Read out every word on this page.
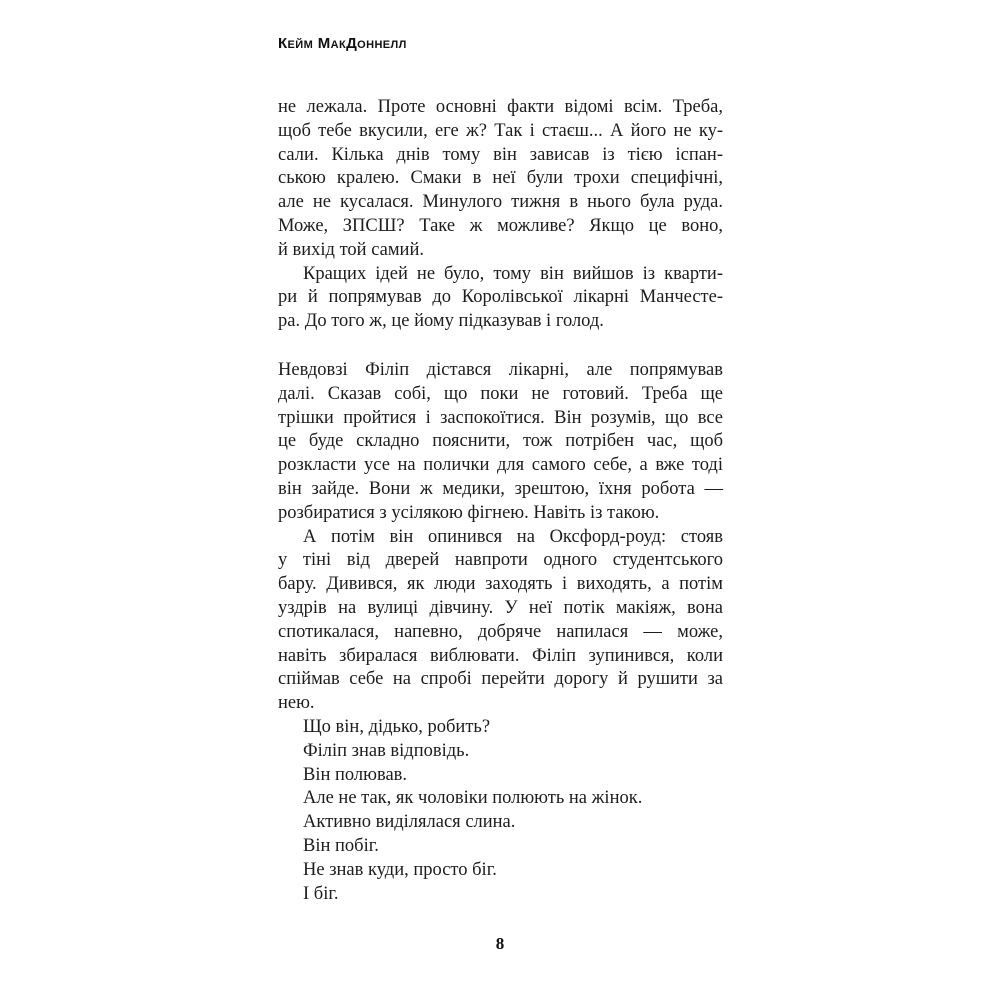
Кейм МакДоннелл
не лежала. Проте основні факти відомі всім. Треба,
щоб тебе вкусили, еге ж? Так і стаєш... А його не ку-
сали. Кілька днів тому він зависав із тією іспан-
ською кралею. Смаки в неї були трохи специфічні,
але не кусалася. Минулого тижня в нього була руда.
Може, ЗПСШ? Таке ж можливе? Якщо це воно,
й вихід той самий.
Кращих ідей не було, тому він вийшов із кварти-
ри й попрямував до Королівської лікарні Манчесте-
ра. До того ж, це йому підказував і голод.
Невдовзі Філіп дістався лікарні, але попрямував
далі. Сказав собі, що поки не готовий. Треба ще
трішки пройтися і заспокоїтися. Він розумів, що все
це буде складно пояснити, тож потрібен час, щоб
розкласти усе на полички для самого себе, а вже тоді
він зайде. Вони ж медики, зрештою, їхня робота —
розбиратися з усілякою фігнею. Навіть із такою.
А потім він опинився на Оксфорд-роуд: стояв
у тіні від дверей навпроти одного студентського
бару. Дивився, як люди заходять і виходять, а потім
уздрів на вулиці дівчину. У неї потік макіяж, вона
спотикалася, напевно, добряче напилася — може,
навіть збиралася виблювати. Філіп зупинився, коли
спіймав себе на спробі перейти дорогу й рушити за
нею.
Що він, дідько, робить?
Філіп знав відповідь.
Він полював.
Але не так, як чоловіки полюють на жінок.
Активно виділялася слина.
Він побіг.
Не знав куди, просто біг.
І біг.
8
